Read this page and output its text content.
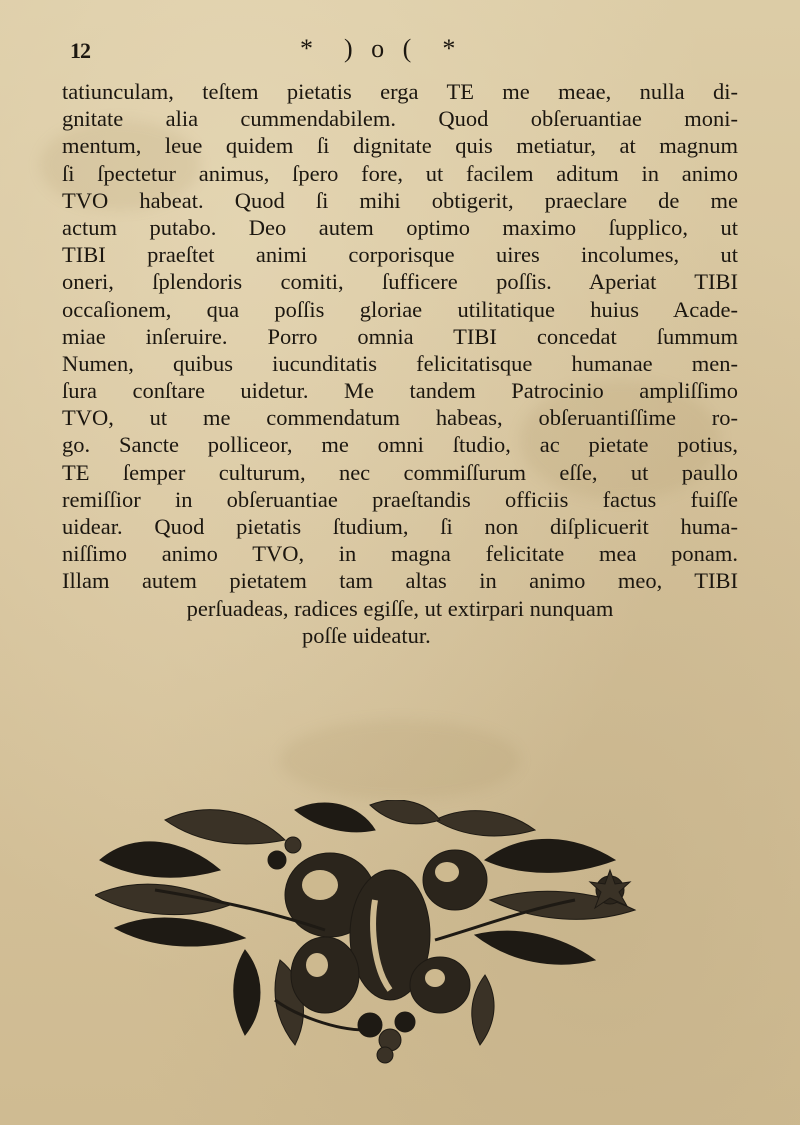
12	*  ) o (  *
tatiunculam, teſtem pietatis erga TE me meae, nulla di-
gnitate alia cummendabilem. Quod obſeruantiae moni-
mentum, leue quidem ſi dignitate quis metiatur, at magnum
ſi ſpectetur animus, ſpero fore, ut facilem aditum in animo
TVO habeat. Quod ſi mihi obtigerit, praeclare de me
actum putabo. Deo autem optimo maximo ſupplico, ut
TIBI praeſtet animi corporisque uires incolumes, ut
oneri, ſplendoris comiti, ſufficere poſſis. Aperiat TIBI
occaſionem, qua poſſis gloriae utilitatique huius Acade-
miae inſeruire. Porro omnia TIBI concedat ſummum
Numen, quibus iucunditatis felicitatisque humanae men-
ſura conſtare uidetur. Me tandem Patrocinio ampliſſimo
TVO, ut me commendatum habeas, obſeruantiſſime ro-
go. Sancte polliceor, me omni ſtudio, ac pietate potius,
TE ſemper culturum, nec commiſſurum eſſe, ut paullo
remiſſior in obſeruantiae praeſtandis officiis factus fuiſſe
uidear. Quod pietatis ſtudium, ſi non diſplicuerit huma-
niſſimo animo TVO, in magna felicitate mea ponam.
Illam autem pietatem tam altas in animo meo, TIBI
perſuadeas, radices egiſſe, ut extirpari nunquam
poſſe uideatur.
